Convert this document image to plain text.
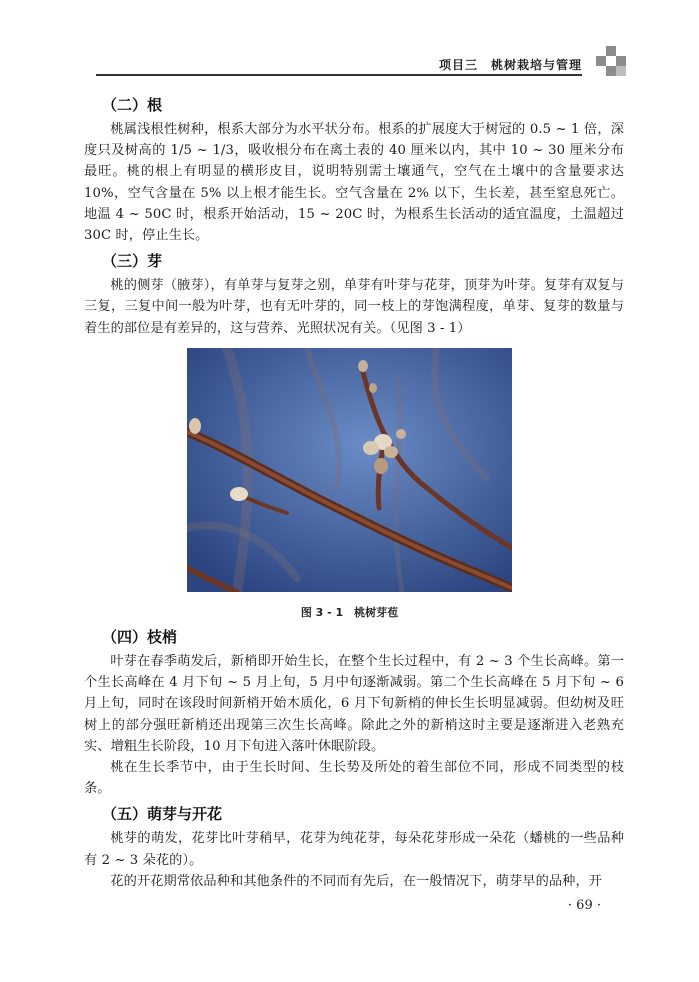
项目三　桃树栽培与管理
（二）根

桃属浅根性树种，根系大部分为水平状分布。根系的扩展度大于树冠的 0.5 ~ 1 倍，深度只及树高的 1/5 ~ 1/3，吸收根分布在离土表的 40 厘米以内，其中 10 ~ 30 厘米分布最旺。桃的根上有明显的横形皮目，说明特别需土壤通气，空气在土壤中的含量要求达 10%，空气含量在 5% 以上根才能生长。空气含量在 2% 以下，生长差，甚至窒息死亡。地温 4 ~ 50C 时，根系开始活动，15 ~ 20C 时，为根系生长活动的适宜温度，土温超过 30C 时，停止生长。

（三）芽

桃的侧芽（腋芽），有单芽与复芽之别，单芽有叶芽与花芽，顶芽为叶芽。复芽有双复与三复，三复中间一般为叶芽，也有无叶芽的，同一枝上的芽饱满程度，单芽、复芽的数量与着生的部位是有差异的，这与营养、光照状况有关。（见图 3 - 1）

图 3 - 1　桃树芽苞
（四）枝梢

叶芽在春季萌发后，新梢即开始生长，在整个生长过程中，有 2 ~ 3 个生长高峰。第一个生长高峰在 4 月下旬 ~ 5 月上旬，5 月中旬逐渐减弱。第二个生长高峰在 5 月下旬 ~ 6 月上旬，同时在该段时间新梢开始木质化，6 月下旬新梢的伸长生长明显减弱。但幼树及旺树上的部分强旺新梢还出现第三次生长高峰。除此之外的新梢这时主要是逐渐进入老熟充实、增粗生长阶段，10 月下旬进入落叶休眠阶段。

桃在生长季节中，由于生长时间、生长势及所处的着生部位不同，形成不同类型的枝条。

（五）萌芽与开花

桃芽的萌发，花芽比叶芽稍早，花芽为纯花芽，每朵花芽形成一朵花（蟠桃的一些品种有 2 ~ 3 朵花的）。

花的开花期常依品种和其他条件的不同而有先后，在一般情况下，萌芽早的品种，开

· 69 ·
